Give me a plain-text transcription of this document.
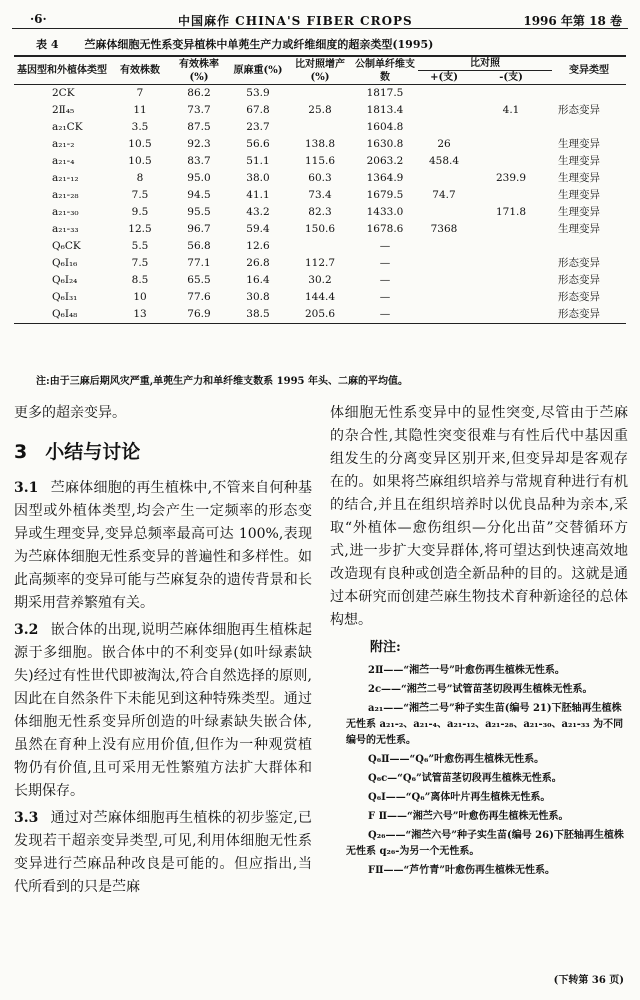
·6·	中国麻作 CHINA'S FIBER CROPS	1996 年第 18 卷
表 4 苎麻体细胞无性系变异植株中单蔸生产力或纤维细度的超亲类型(1995)
基因型和外植体类型	有效株数	有效株率(%)	原麻重(%)	比对照增产(%)	公制单纤维支数	比对照		变异类型
						+(支)	-(支)	
2CK	7	86.2	53.9		1817.5			
2Ⅱ₄₅	11	73.7	67.8	25.8	1813.4		4.1	形态变异
a₂₁CK	3.5	87.5	23.7		1604.8			
a₂₁-₂	10.5	92.3	56.6	138.8	1630.8	26		生理变异
a₂₁-₄	10.5	83.7	51.1	115.6	2063.2	458.4		生理变异
a₂₁-₁₂	8	95.0	38.0	60.3	1364.9		239.9	生理变异
a₂₁-₂₈	7.5	94.5	41.1	73.4	1679.5	74.7		生理变异
a₂₁-₃₀	9.5	95.5	43.2	82.3	1433.0		171.8	生理变异
a₂₁-₃₃	12.5	96.7	59.4	150.6	1678.6	7368		生理变异
Q₆CK	5.5	56.8	12.6		—			
Q₆Ⅰ₁₆	7.5	77.1	26.8	112.7	—			形态变异
Q₆Ⅰ₂₄	8.5	65.5	16.4	30.2	—			形态变异
Q₆Ⅰ₃₁	10	77.6	30.8	144.4	—			形态变异
Q₆Ⅰ₄₈	13	76.9	38.5	205.6	—			形态变异
注:由于三麻后期风灾严重,单蔸生产力和单纤维支数系 1995 年头、二麻的平均值。

更多的超亲变异。

3 小结与讨论

3.1 苎麻体细胞的再生植株中,不管来自何种基因型或外植体类型,均会产生一定频率的形态变异或生理变异,变异总频率最高可达 100%,表现为苎麻体细胞无性系变异的普遍性和多样性。如此高频率的变异可能与苎麻复杂的遗传背景和长期采用营养繁殖有关。

3.2 嵌合体的出现,说明苎麻体细胞再生植株起源于多细胞。嵌合体中的不利变异(如叶绿素缺失)经过有性世代即被淘汰,符合自然选择的原则,因此在自然条件下未能见到这种特殊类型。通过体细胞无性系变异所创造的叶绿素缺失嵌合体,虽然在育种上没有应用价值,但作为一种观赏植物仍有价值,且可采用无性繁殖方法扩大群体和长期保存。

3.3 通过对苎麻体细胞再生植株的初步鉴定,已发现若干超亲变异类型,可见,利用体细胞无性系变异进行苎麻品种改良是可能的。但应指出,当代所看到的只是苎麻

体细胞无性系变异中的显性突变,尽管由于苎麻的杂合性,其隐性突变很难与有性后代中基因重组发生的分离变异区别开来,但变异却是客观存在的。如果将苎麻组织培养与常规育种进行有机的结合,并且在组织培养时以优良品种为亲本,采取“外植体—愈伤组织—分化出苗”交替循环方式,进一步扩大变异群体,将可望达到快速高效地改造现有良种或创造全新品种的目的。这就是通过本研究而创建苎麻生物技术育种新途径的总体构想。

附注:

2Ⅱ——“湘苎一号”叶愈伤再生植株无性系。

2c——“湘苎二号”试管苗茎切段再生植株无性系。

a₂₁——“湘苎二号”种子实生苗(编号 21)下胚轴再生植株无性系 a₂₁-₂、a₂₁-₄、a₂₁-₁₂、a₂₁-₂₈、a₂₁-₃₀、a₂₁-₃₃ 为不同编号的无性系。

Q₆Ⅱ——“Q₆”叶愈伤再生植株无性系。

Q₆c—“Q₆”试管苗茎切段再生植株无性系。

Q₆Ⅰ——“Q₆”离体叶片再生植株无性系。

F Ⅱ——“湘苎六号”叶愈伤再生植株无性系。

Q₂₆——“湘苎六号”种子实生苗(编号 26)下胚轴再生植株无性系 q₂₆-为另一个无性系。

FⅡ——“芦竹青”叶愈伤再生植株无性系。

(下转第 36 页)
